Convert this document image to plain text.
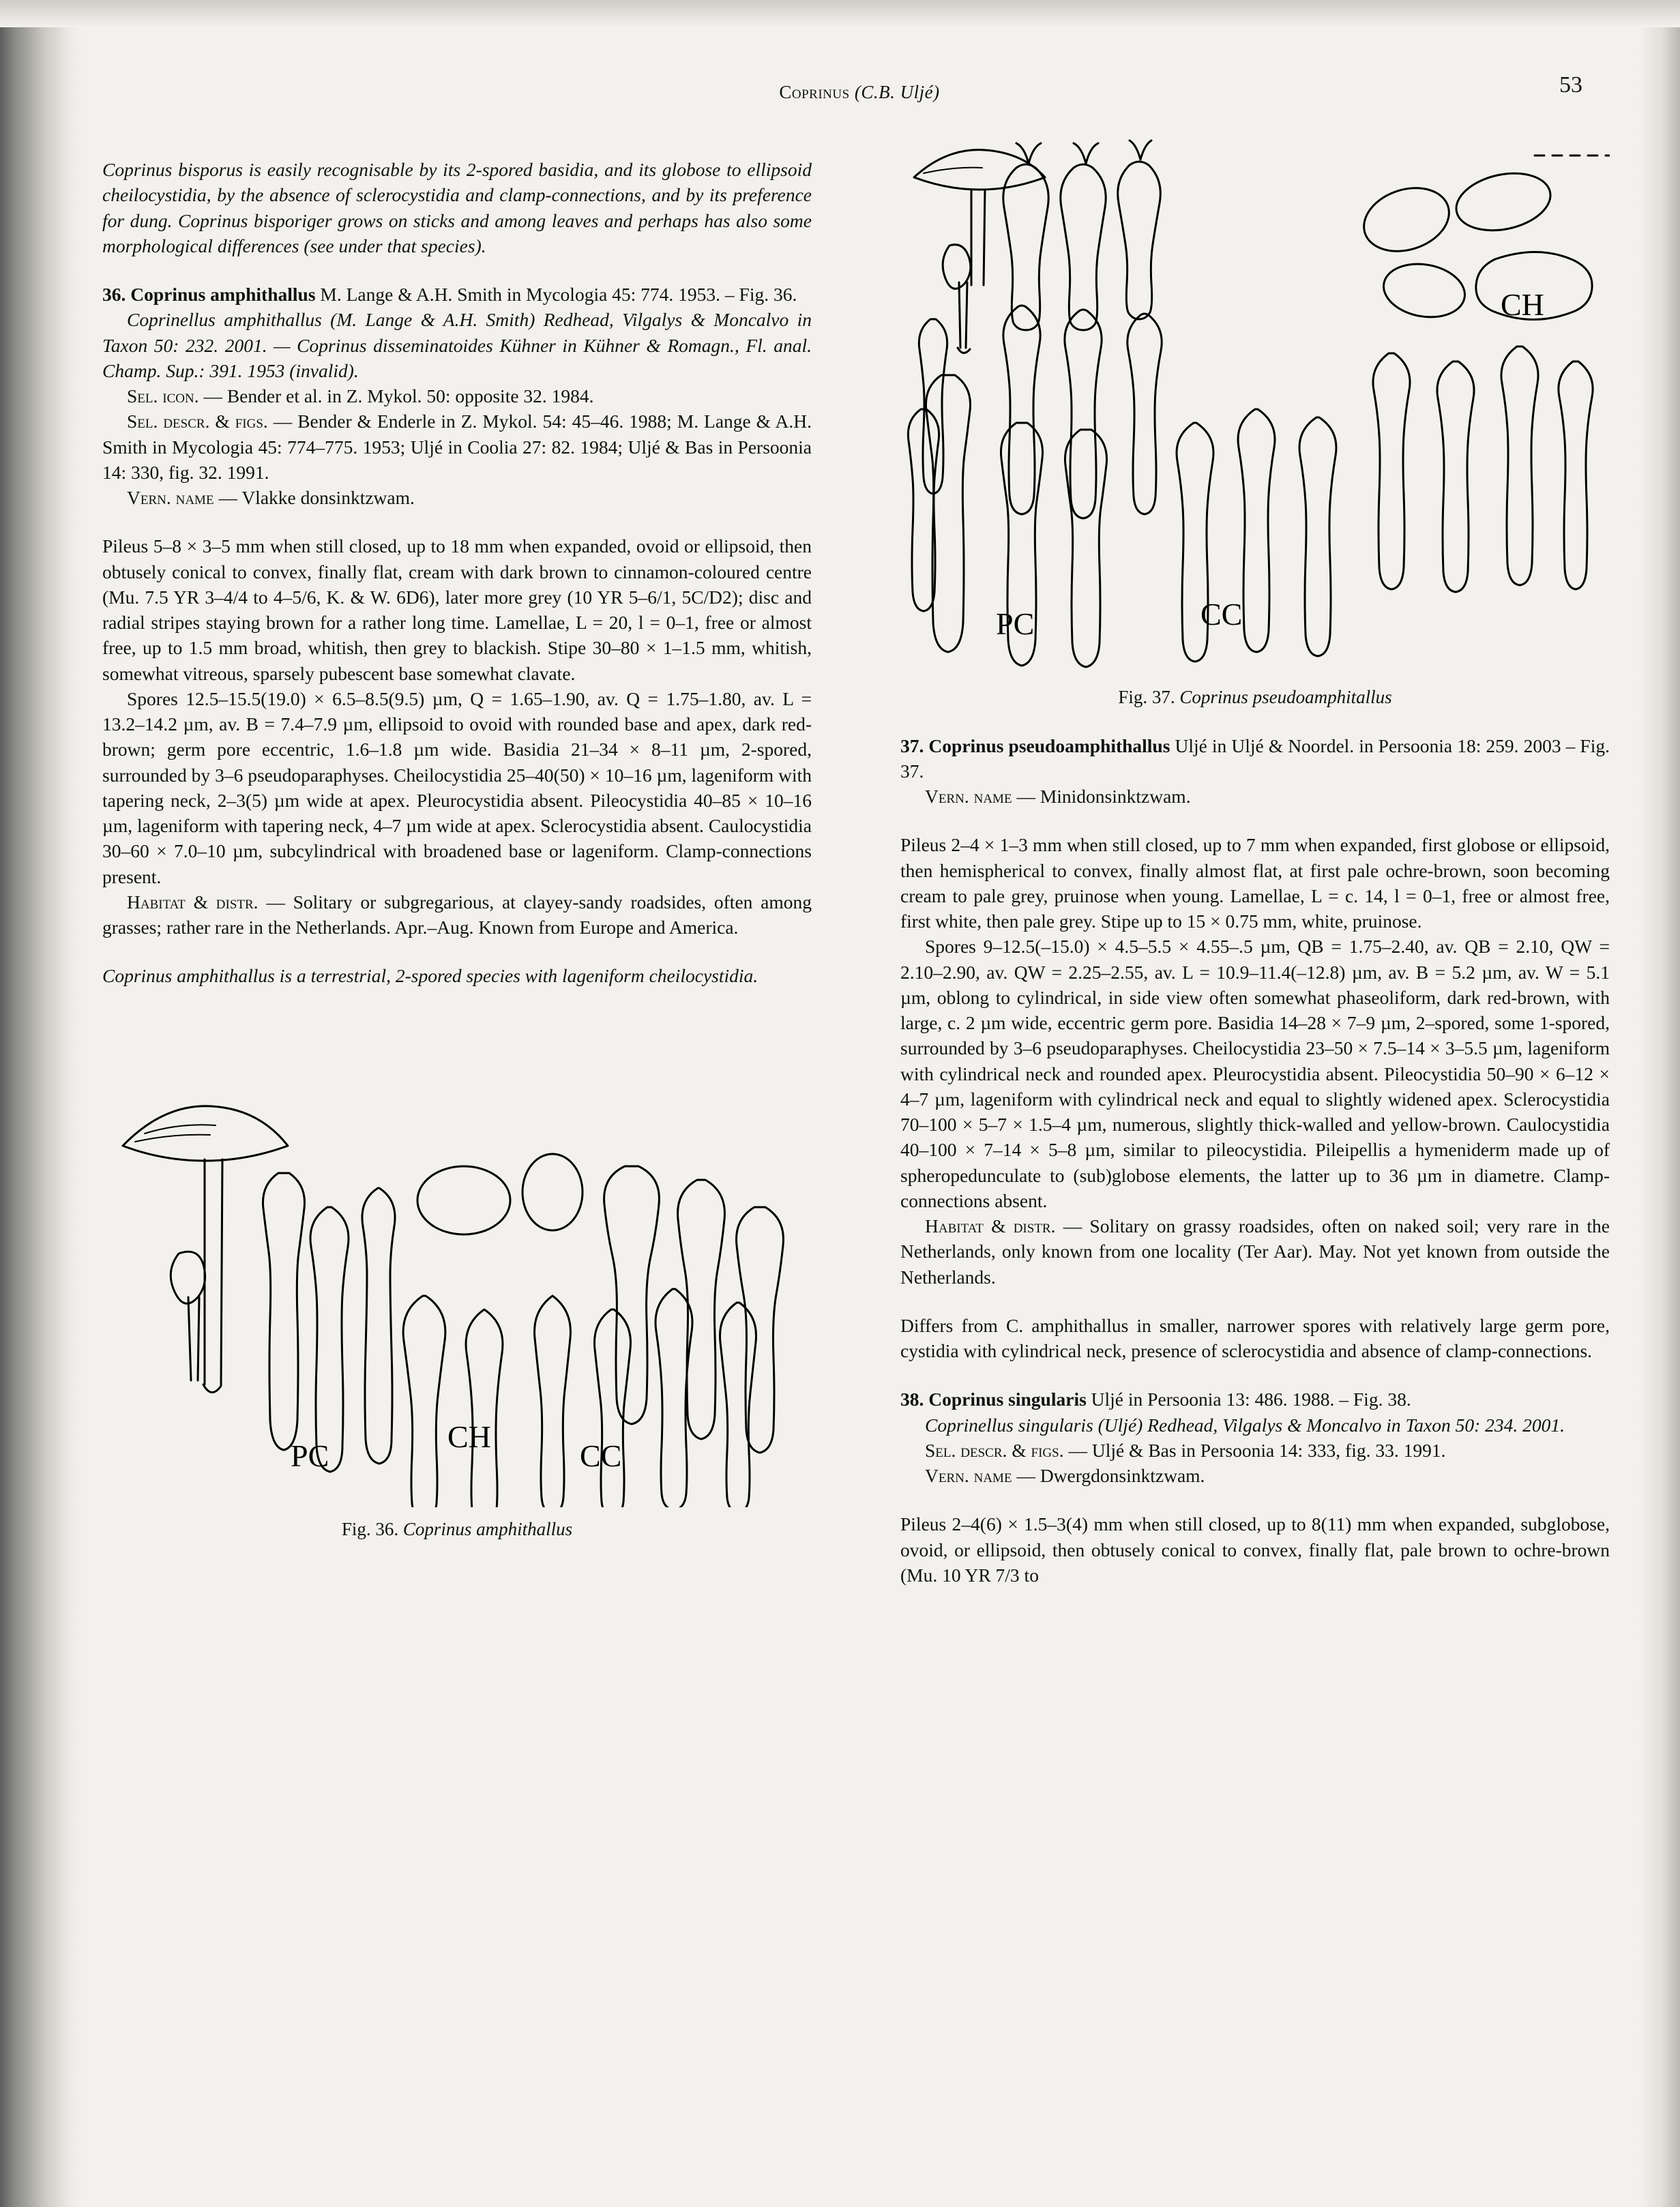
Coprinus (C.B. Uljé)	53

Coprinus bisporus is easily recognisable by its 2-spored basidia, and its globose to ellipsoid cheilocystidia, by the absence of sclerocystidia and clamp-connections, and by its preference for dung. Coprinus bisporiger grows on sticks and among leaves and perhaps has also some morphological differences (see under that species).

36. Coprinus amphithallus M. Lange & A.H. Smith in Mycologia 45: 774. 1953. – Fig. 36.

Coprinellus amphithallus (M. Lange & A.H. Smith) Redhead, Vilgalys & Moncalvo in Taxon 50: 232. 2001. — Coprinus disseminatoides Kühner in Kühner & Romagn., Fl. anal. Champ. Sup.: 391. 1953 (invalid).

Sel. icon. — Bender et al. in Z. Mykol. 50: opposite 32. 1984.

Sel. descr. & figs. — Bender & Enderle in Z. Mykol. 54: 45–46. 1988; M. Lange & A.H. Smith in Mycologia 45: 774–775. 1953; Uljé in Coolia 27: 82. 1984; Uljé & Bas in Persoonia 14: 330, fig. 32. 1991.

Vern. name — Vlakke donsinktzwam.

Pileus 5–8 × 3–5 mm when still closed, up to 18 mm when expanded, ovoid or ellipsoid, then obtusely conical to convex, finally flat, cream with dark brown to cinnamon-coloured centre (Mu. 7.5 YR 3–4/4 to 4–5/6, K. & W. 6D6), later more grey (10 YR 5–6/1, 5C/D2); disc and radial stripes staying brown for a rather long time. Lamellae, L = 20, l = 0–1, free or almost free, up to 1.5 mm broad, whitish, then grey to blackish. Stipe 30–80 × 1–1.5 mm, whitish, somewhat vitreous, sparsely pubescent base somewhat clavate.

Spores 12.5–15.5(19.0) × 6.5–8.5(9.5) µm, Q = 1.65–1.90, av. Q = 1.75–1.80, av. L = 13.2–14.2 µm, av. B = 7.4–7.9 µm, ellipsoid to ovoid with rounded base and apex, dark red-brown; germ pore eccentric, 1.6–1.8 µm wide. Basidia 21–34 × 8–11 µm, 2-spored, surrounded by 3–6 pseudoparaphyses. Cheilocystidia 25–40(50) × 10–16 µm, lageniform with tapering neck, 2–3(5) µm wide at apex. Pleurocystidia absent. Pileocystidia 40–85 × 10–16 µm, lageniform with tapering neck, 4–7 µm wide at apex. Sclerocystidia absent. Caulocystidia 30–60 × 7.0–10 µm, subcylindrical with broadened base or lageniform. Clamp-connections present.

Habitat & distr. — Solitary or subgregarious, at clayey-sandy roadsides, often among grasses; rather rare in the Netherlands. Apr.–Aug. Known from Europe and America.

Coprinus amphithallus is a terrestrial, 2-spored species with lageniform cheilocystidia.

PC
CH
CC
Fig. 36. Coprinus amphithallus
CH
PC	CC
Fig. 37. Coprinus pseudoamphitallus

37. Coprinus pseudoamphithallus Uljé in Uljé & Noordel. in Persoonia 18: 259. 2003 – Fig. 37.

Vern. name — Minidonsinktzwam.

Pileus 2–4 × 1–3 mm when still closed, up to 7 mm when expanded, first globose or ellipsoid, then hemispherical to convex, finally almost flat, at first pale ochre-brown, soon becoming cream to pale grey, pruinose when young. Lamellae, L = c. 14, l = 0–1, free or almost free, first white, then pale grey. Stipe up to 15 × 0.75 mm, white, pruinose.

Spores 9–12.5(–15.0) × 4.5–5.5 × 4.55–.5 µm, QB = 1.75–2.40, av. QB = 2.10, QW = 2.10–2.90, av. QW = 2.25–2.55, av. L = 10.9–11.4(–12.8) µm, av. B = 5.2 µm, av. W = 5.1 µm, oblong to cylindrical, in side view often somewhat phaseoliform, dark red-brown, with large, c. 2 µm wide, eccentric germ pore. Basidia 14–28 × 7–9 µm, 2–spored, some 1-spored, surrounded by 3–6 pseudoparaphyses. Cheilocystidia 23–50 × 7.5–14 × 3–5.5 µm, lageniform with cylindrical neck and rounded apex. Pleurocystidia absent. Pileocystidia 50–90 × 6–12 × 4–7 µm, lageniform with cylindrical neck and equal to slightly widened apex. Sclerocystidia 70–100 × 5–7 × 1.5–4 µm, numerous, slightly thick-walled and yellow-brown. Caulocystidia 40–100 × 7–14 × 5–8 µm, similar to pileocystidia. Pileipellis a hymeniderm made up of spheropedunculate to (sub)globose elements, the latter up to 36 µm in diametre. Clamp-connections absent.

Habitat & distr. — Solitary on grassy roadsides, often on naked soil; very rare in the Netherlands, only known from one locality (Ter Aar). May. Not yet known from outside the Netherlands.

Differs from C. amphithallus in smaller, narrower spores with relatively large germ pore, cystidia with cylindrical neck, presence of sclerocystidia and absence of clamp-connections.

38. Coprinus singularis Uljé in Persoonia 13: 486. 1988. – Fig. 38.

Coprinellus singularis (Uljé) Redhead, Vilgalys & Moncalvo in Taxon 50: 234. 2001.

Sel. descr. & figs. — Uljé & Bas in Persoonia 14: 333, fig. 33. 1991.

Vern. name — Dwergdonsinktzwam.

Pileus 2–4(6) × 1.5–3(4) mm when still closed, up to 8(11) mm when expanded, subglobose, ovoid, or ellipsoid, then obtusely conical to convex, finally flat, pale brown to ochre-brown (Mu. 10 YR 7/3 to
